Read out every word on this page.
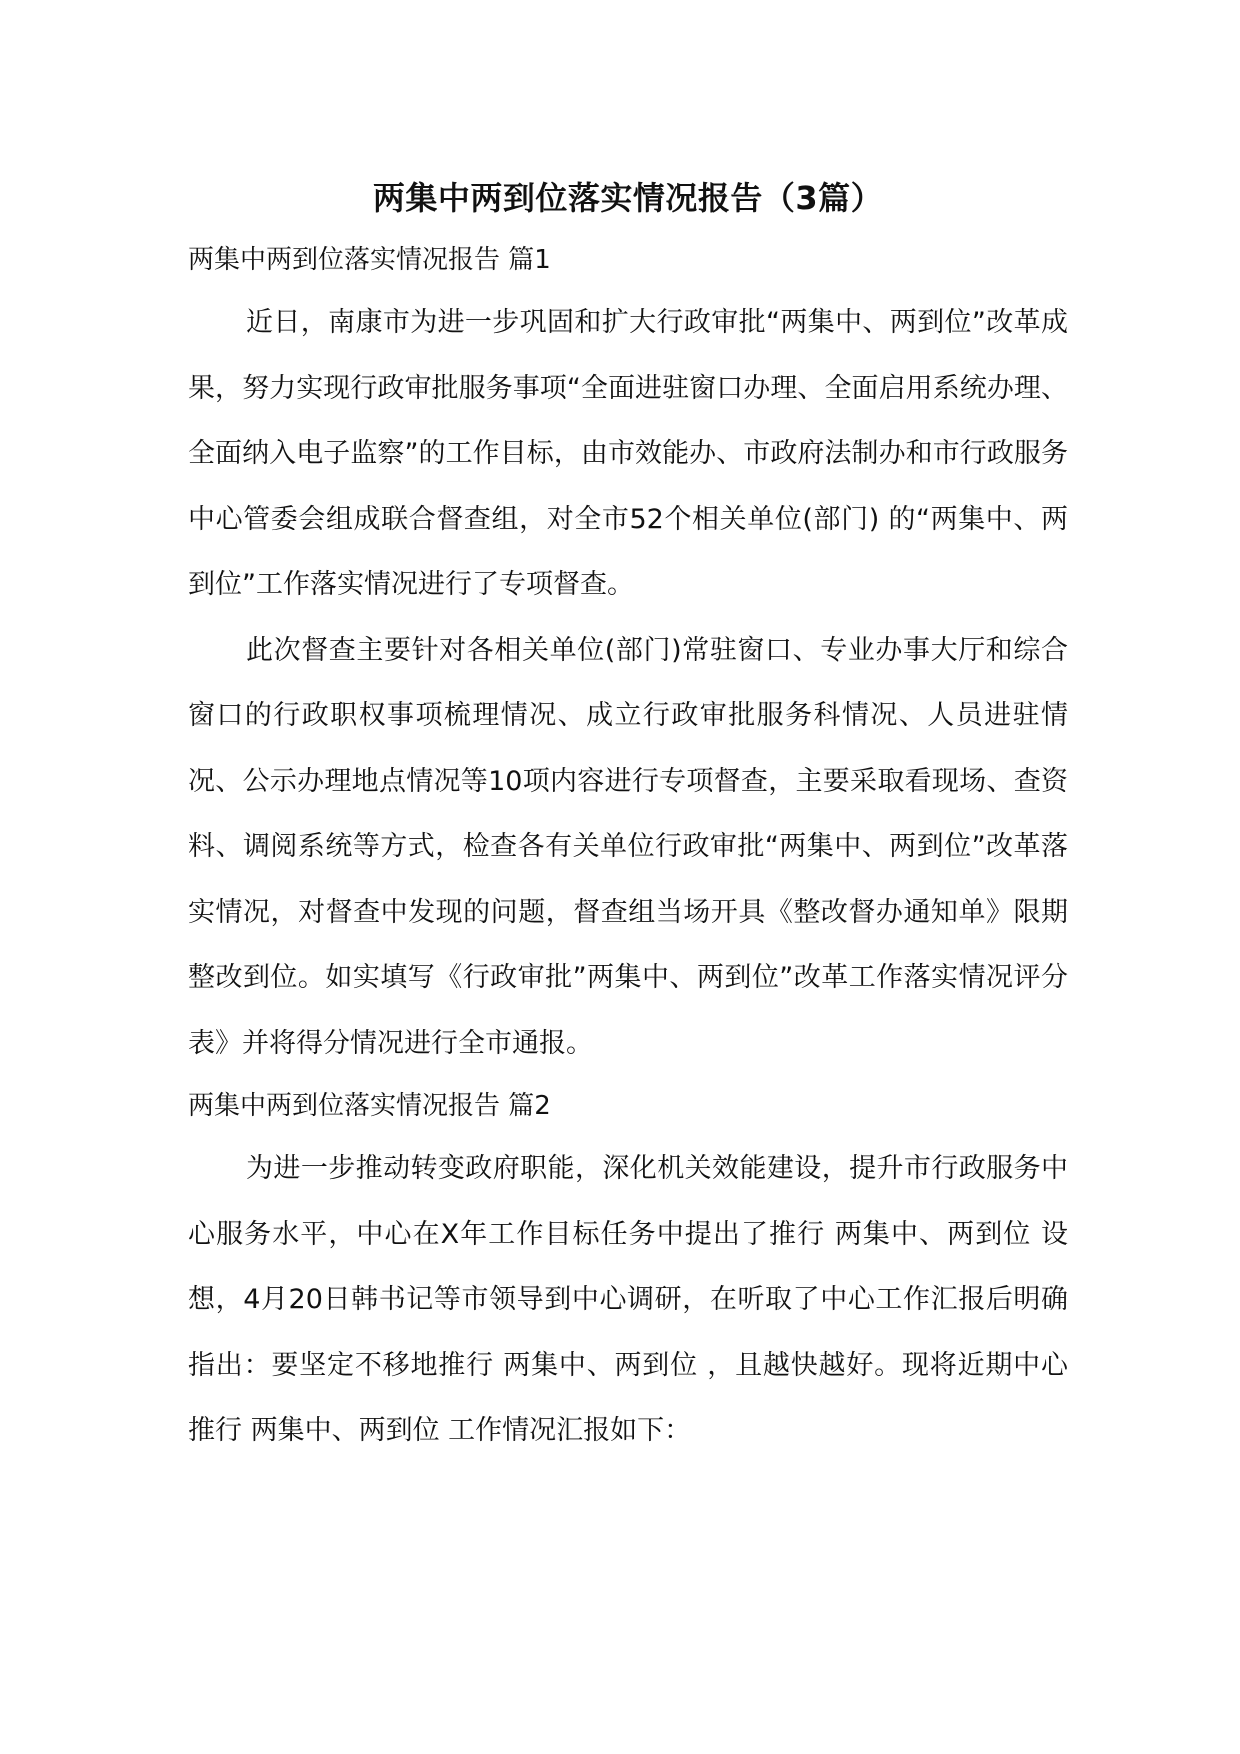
两集中两到位落实情况报告（3篇）
两集中两到位落实情况报告 篇1

近日，南康市为进一步巩固和扩大行政审批“两集中、两到位”改革成果，努力实现行政审批服务事项“全面进驻窗口办理、全面启用系统办理、全面纳入电子监察”的工作目标，由市效能办、市政府法制办和市行政服务中心管委会组成联合督查组，对全市52个相关单位(部门) 的“两集中、两到位”工作落实情况进行了专项督查。

此次督查主要针对各相关单位(部门)常驻窗口、专业办事大厅和综合窗口的行政职权事项梳理情况、成立行政审批服务科情况、人员进驻情况、公示办理地点情况等10项内容进行专项督查，主要采取看现场、查资料、调阅系统等方式，检查各有关单位行政审批“两集中、两到位”改革落实情况，对督查中发现的问题，督查组当场开具《整改督办通知单》限期整改到位。如实填写《行政审批”两集中、两到位”改革工作落实情况评分表》并将得分情况进行全市通报。

两集中两到位落实情况报告 篇2

为进一步推动转变政府职能，深化机关效能建设，提升市行政服务中心服务水平，中心在X年工作目标任务中提出了推行 两集中、两到位 设想，4月20日韩书记等市领导到中心调研，在听取了中心工作汇报后明确指出：要坚定不移地推行 两集中、两到位 ，且越快越好。现将近期中心推行 两集中、两到位 工作情况汇报如下：
